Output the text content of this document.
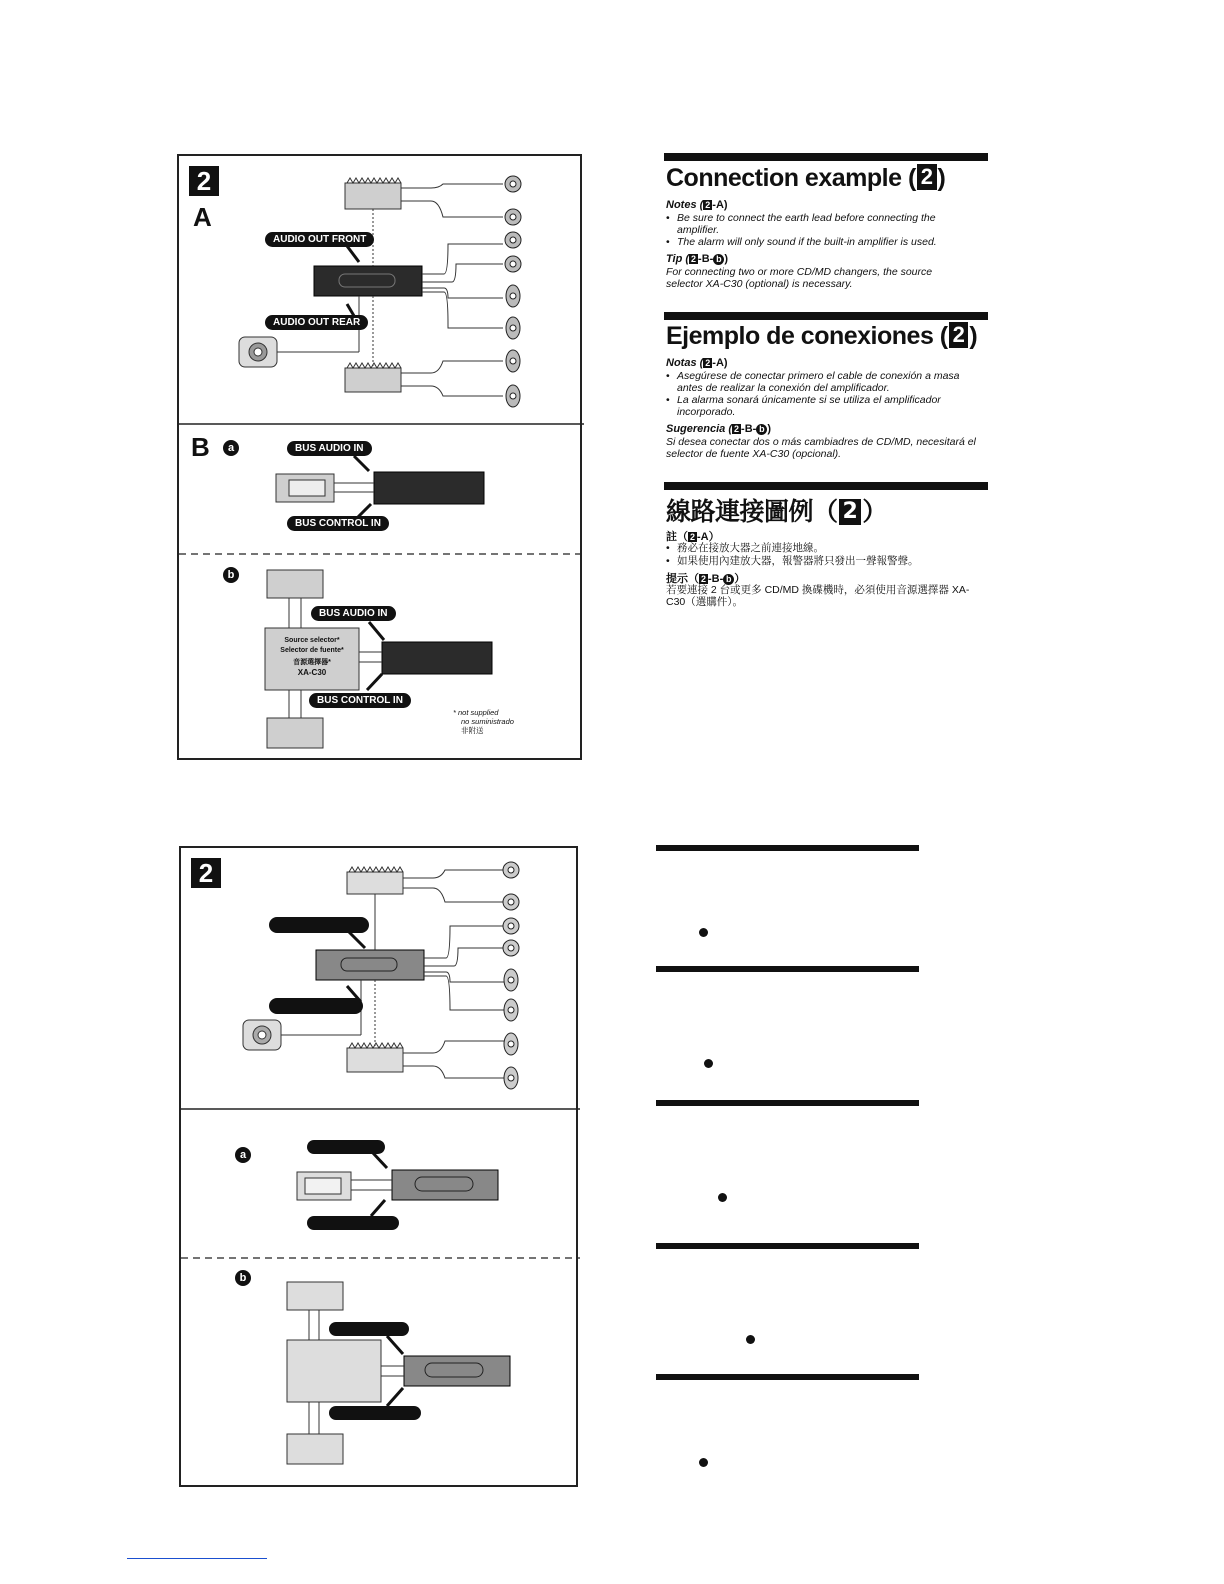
2
A
AUDIO OUT FRONT
AUDIO OUT REAR
B	a	BUS AUDIO IN
BUS CONTROL IN
b
BUS AUDIO IN
BUS CONTROL IN
Source selector*
Selector de fuente*
音源選擇器*
XA-C30
* not supplied
no suministrado
非附送
Connection example ( 2 )
Notes ( 2 -A)
• Be sure to connect the earth lead before connecting the amplifier.
• The alarm will only sound if the built-in amplifier is used.
Tip ( 2 -B- b )
For connecting two or more CD/MD changers, the source selector XA-C30 (optional) is necessary.
Ejemplo de conexiones ( 2 )
Notas ( 2 -A)
• Asegúrese de conectar primero el cable de conexión a masa antes de realizar la conexión del amplificador.
• La alarma sonará únicamente si se utiliza el amplificador incorporado.
Sugerencia ( 2 -B- b )
Si desea conectar dos o más cambiadres de CD/MD, necesitará el selector de fuente XA-C30 (opcional).
線路連接圖例（ 2 ）
註（ 2 -A）
• 務必在接放大器之前連接地線。
• 如果使用內建放大器，報警器將只發出一聲報警聲。
提示（ 2 -B- b ）
若要連接 2 台或更多 CD/MD 換碟機時，必須使用音源選擇器 XA-C30（選購件）。
2
a
b
